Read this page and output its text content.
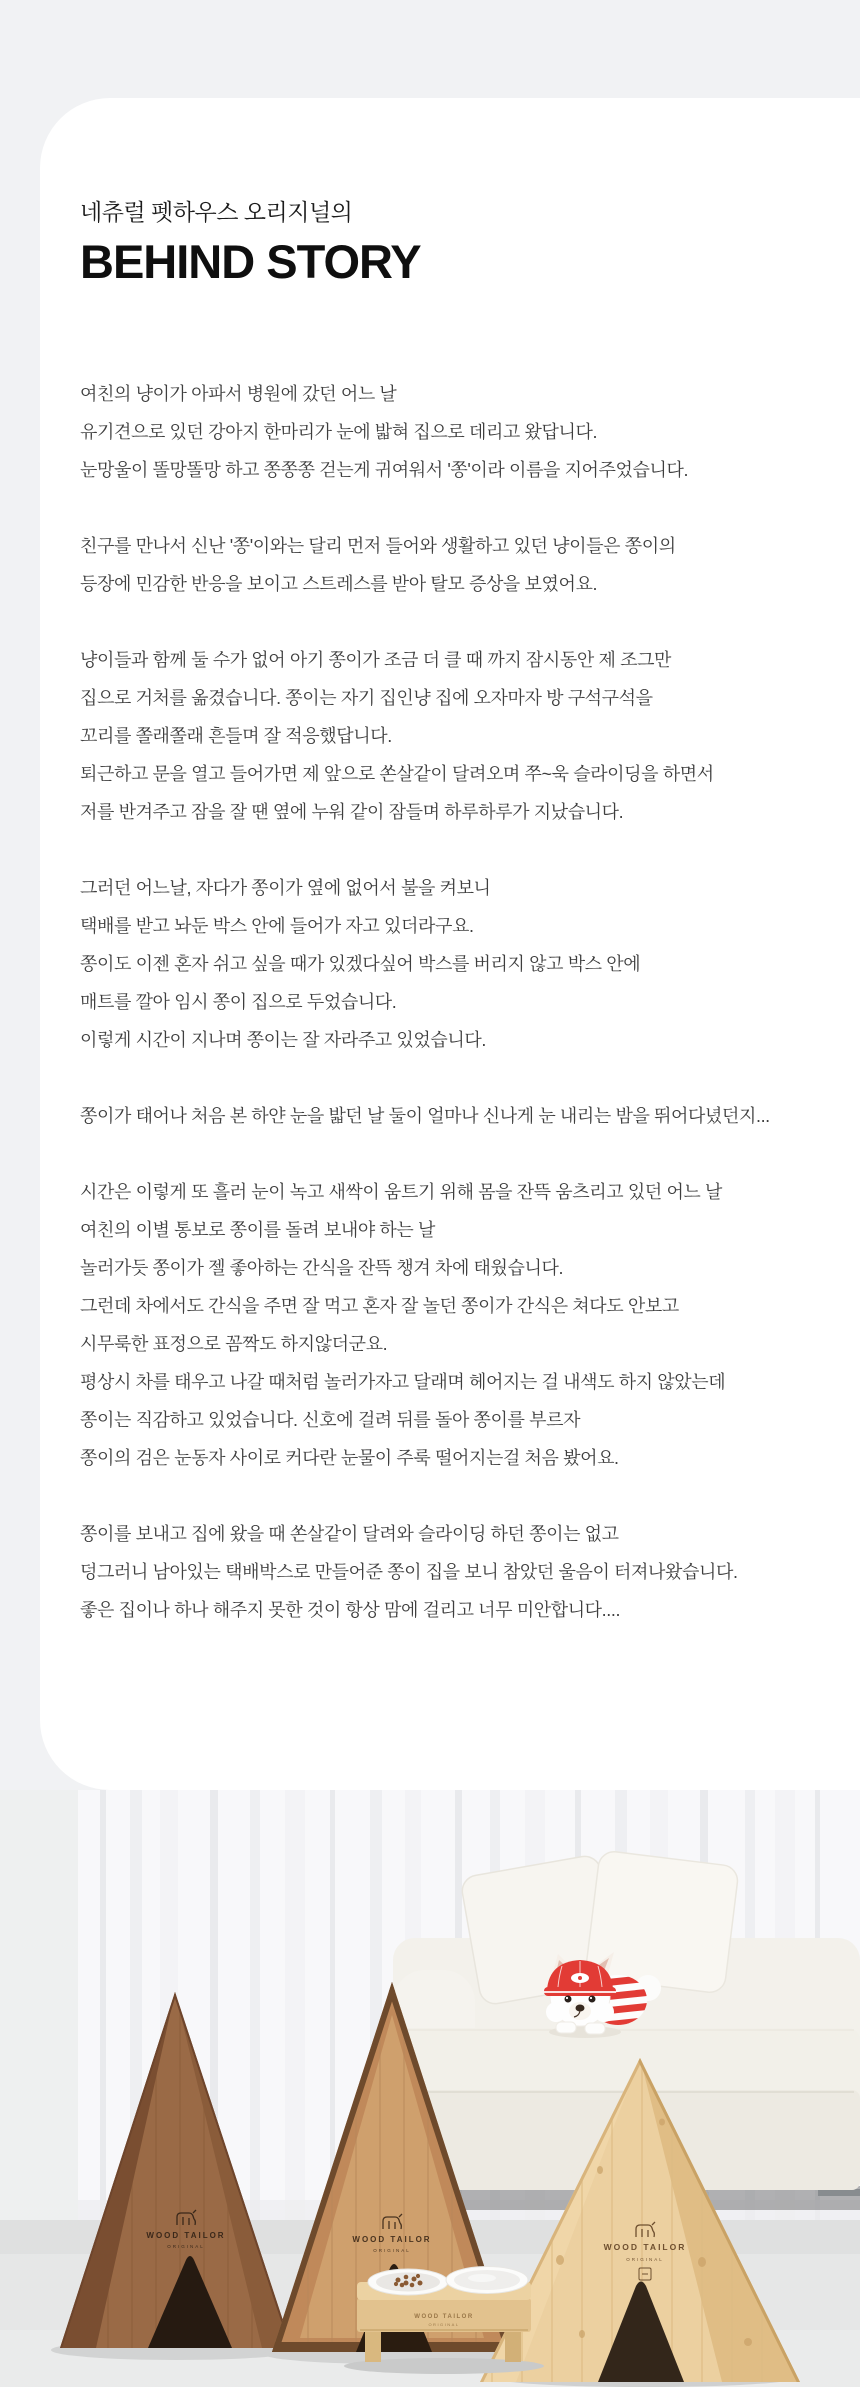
네츄럴 펫하우스 오리지널의
BEHIND STORY

여친의 냥이가 아파서 병원에 갔던 어느 날
유기견으로 있던 강아지 한마리가 눈에 밟혀 집으로 데리고 왔답니다.
눈망울이 똘망똘망 하고 쫑쫑쫑 걷는게 귀여워서 '쫑'이라 이름을 지어주었습니다.

친구를 만나서 신난 '쫑'이와는 달리 먼저 들어와 생활하고 있던 냥이들은 쫑이의
등장에 민감한 반응을 보이고 스트레스를 받아 탈모 증상을 보였어요.

냥이들과 함께 둘 수가 없어 아기 쫑이가 조금 더 클 때 까지 잠시동안 제 조그만
집으로 거처를 옮겼습니다. 쫑이는 자기 집인냥 집에 오자마자 방 구석구석을
꼬리를 쫄래쫄래 흔들며 잘 적응했답니다.
퇴근하고 문을 열고 들어가면 제 앞으로 쏜살같이 달려오며 쭈~욱 슬라이딩을 하면서
저를 반겨주고 잠을 잘 땐 옆에 누워 같이 잠들며 하루하루가 지났습니다.

그러던 어느날, 자다가 쫑이가 옆에 없어서 불을 켜보니
택배를 받고 놔둔 박스 안에 들어가 자고 있더라구요.
쫑이도 이젠 혼자 쉬고 싶을 때가 있겠다싶어 박스를 버리지 않고 박스 안에
매트를 깔아 임시 쫑이 집으로 두었습니다.
이렇게 시간이 지나며 쫑이는 잘 자라주고 있었습니다.

쫑이가 태어나 처음 본 하얀 눈을 밟던 날 둘이 얼마나 신나게 눈 내리는 밤을 뛰어다녔던지...

시간은 이렇게 또 흘러 눈이 녹고 새싹이 움트기 위해 몸을 잔뜩 움츠리고 있던 어느 날
여친의 이별 통보로 쫑이를 돌려 보내야 하는 날
놀러가듯 쫑이가 젤 좋아하는 간식을 잔뜩 챙겨 차에 태웠습니다.
그런데 차에서도 간식을 주면 잘 먹고 혼자 잘 놀던 쫑이가 간식은 쳐다도 안보고
시무룩한 표정으로 꼼짝도 하지않더군요.
평상시 차를 태우고 나갈 때처럼 놀러가자고 달래며 헤어지는 걸 내색도 하지 않았는데
쫑이는 직감하고 있었습니다. 신호에 걸려 뒤를 돌아 쫑이를 부르자
쫑이의 검은 눈동자 사이로 커다란 눈물이 주룩 떨어지는걸 처음 봤어요.

쫑이를 보내고 집에 왔을 때 쏜살같이 달려와 슬라이딩 하던 쫑이는 없고
덩그러니 남아있는 택배박스로 만들어준 쫑이 집을 보니 참았던 울음이 터져나왔습니다.
좋은 집이나 하나 해주지 못한 것이 항상 맘에 걸리고 너무 미안합니다....

WOOD TAILOR
ORIGINAL
WOOD TAILOR
ORIGINAL	WOOD TAILOR
ORIGINAL
WOOD TAILOR
ORIGINAL
